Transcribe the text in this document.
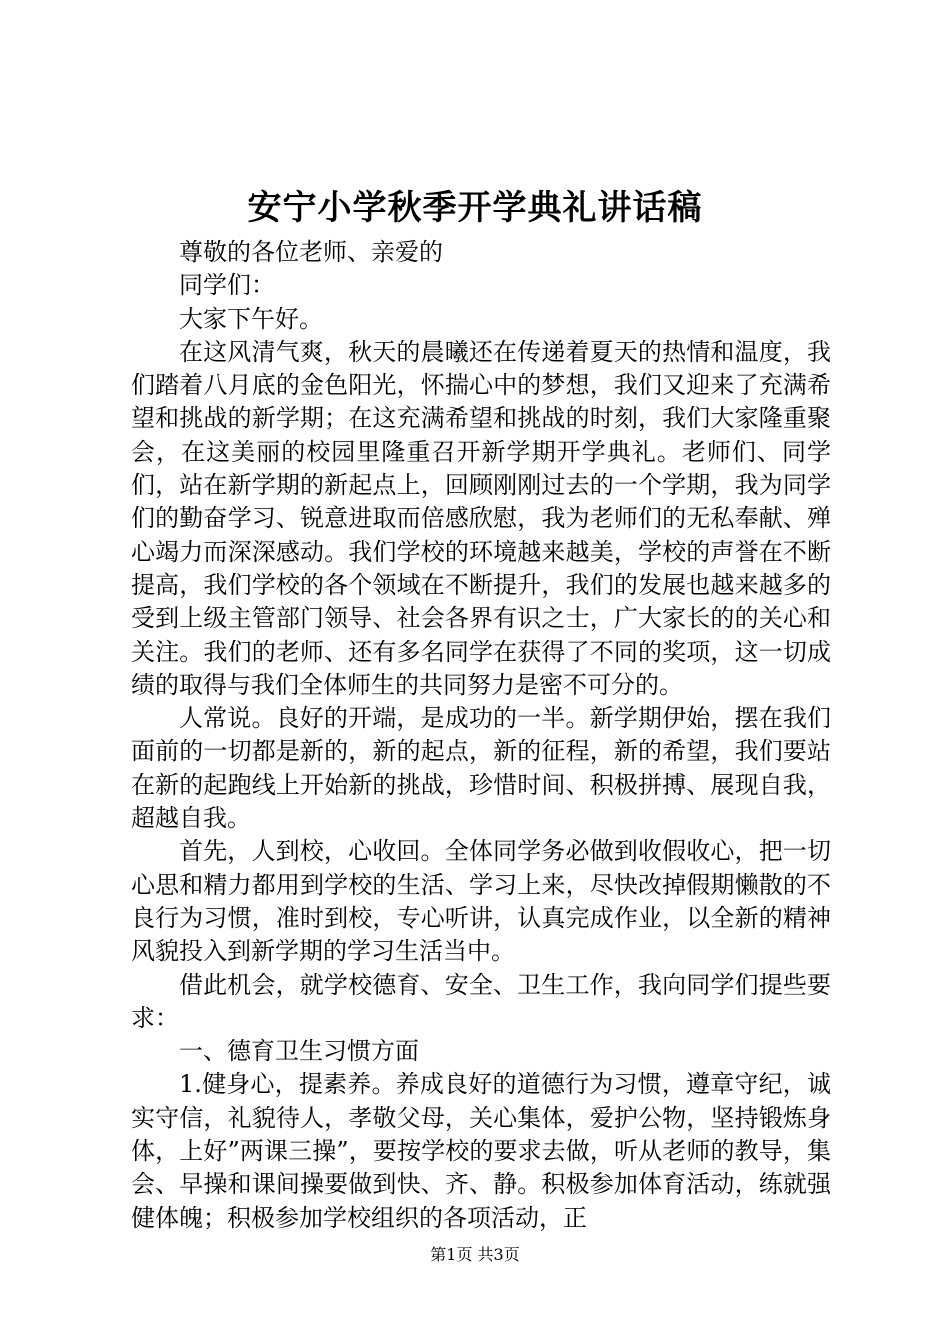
安宁小学秋季开学典礼讲话稿

尊敬的各位老师、亲爱的

同学们：

大家下午好。

在这风清气爽，秋天的晨曦还在传递着夏天的热情和温度，我们踏着八月底的金色阳光，怀揣心中的梦想，我们又迎来了充满希望和挑战的新学期；在这充满希望和挑战的时刻，我们大家隆重聚会，在这美丽的校园里隆重召开新学期开学典礼。老师们、同学们，站在新学期的新起点上，回顾刚刚过去的一个学期，我为同学们的勤奋学习、锐意进取而倍感欣慰，我为老师们的无私奉献、殚心竭力而深深感动。我们学校的环境越来越美，学校的声誉在不断提高，我们学校的各个领域在不断提升，我们的发展也越来越多的受到上级主管部门领导、社会各界有识之士，广大家长的的关心和关注。我们的老师、还有多名同学在获得了不同的奖项，这一切成绩的取得与我们全体师生的共同努力是密不可分的。

人常说。良好的开端，是成功的一半。新学期伊始，摆在我们面前的一切都是新的，新的起点，新的征程，新的希望，我们要站在新的起跑线上开始新的挑战，珍惜时间、积极拼搏、展现自我，超越自我。

首先，人到校，心收回。全体同学务必做到收假收心，把一切心思和精力都用到学校的生活、学习上来，尽快改掉假期懒散的不良行为习惯，准时到校，专心听讲，认真完成作业，以全新的精神风貌投入到新学期的学习生活当中。

借此机会，就学校德育、安全、卫生工作，我向同学们提些要求：

一、德育卫生习惯方面

1.健身心，提素养。养成良好的道德行为习惯，遵章守纪，诚实守信，礼貌待人，孝敬父母，关心集体，爱护公物，坚持锻炼身体，上好”两课三操”，要按学校的要求去做，听从老师的教导，集会、早操和课间操要做到快、齐、静。积极参加体育活动，练就强健体魄；积极参加学校组织的各项活动，正

第1页 共3页
